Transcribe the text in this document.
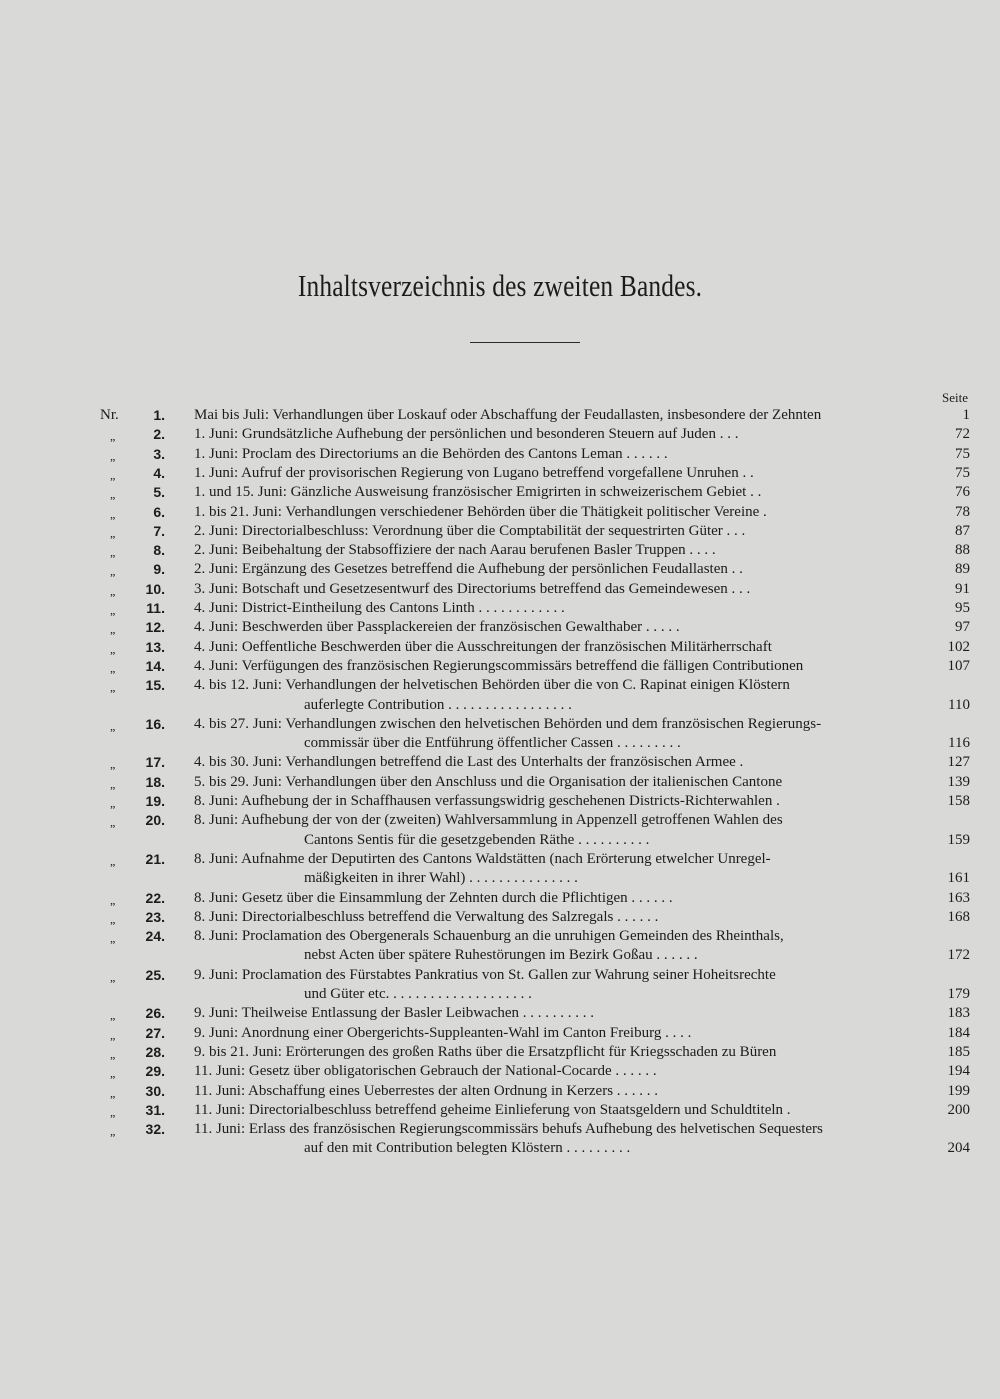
Inhaltsverzeichnis des zweiten Bandes.
Seite
Nr.	1. Mai bis Juli: Verhandlungen über Loskauf oder Abschaffung der Feudallasten, insbesondere der Zehnten	1
„	2. 1. Juni: Grundsätzliche Aufhebung der persönlichen und besonderen Steuern auf Juden . . .	72
„	3. 1. Juni: Proclam des Directoriums an die Behörden des Cantons Leman . . . . . .	75
„	4. 1. Juni: Aufruf der provisorischen Regierung von Lugano betreffend vorgefallene Unruhen . .	75
„	5. 1. und 15. Juni: Gänzliche Ausweisung französischer Emigrirten in schweizerischem Gebiet . .	76
„	6. 1. bis 21. Juni: Verhandlungen verschiedener Behörden über die Thätigkeit politischer Vereine .	78
„	7. 2. Juni: Directorialbeschluss: Verordnung über die Comptabilität der sequestrirten Güter . . .	87
„	8. 2. Juni: Beibehaltung der Stabsoffiziere der nach Aarau berufenen Basler Truppen . . . .	88
„	9. 2. Juni: Ergänzung des Gesetzes betreffend die Aufhebung der persönlichen Feudallasten . .	89
„	10. 3. Juni: Botschaft und Gesetzesentwurf des Directoriums betreffend das Gemeindewesen . . .	91
„	11. 4. Juni: District-Eintheilung des Cantons Linth . . . . . . . . . . . .	95
„	12. 4. Juni: Beschwerden über Passplackereien der französischen Gewalthaber . . . . .	97
„	13. 4. Juni: Oeffentliche Beschwerden über die Ausschreitungen der französischen Militärherrschaft	102
„	14. 4. Juni: Verfügungen des französischen Regierungscommissärs betreffend die fälligen Contributionen	107
„	15. 4. bis 12. Juni: Verhandlungen der helvetischen Behörden über die von C. Rapinat einigen Klöstern
auferlegte Contribution . . . . . . . . . . . . . . . . .	110
„	16. 4. bis 27. Juni: Verhandlungen zwischen den helvetischen Behörden und dem französischen Regierungs-
commissär über die Entführung öffentlicher Cassen . . . . . . . . .	116
„	17. 4. bis 30. Juni: Verhandlungen betreffend die Last des Unterhalts der französischen Armee .	127
„	18. 5. bis 29. Juni: Verhandlungen über den Anschluss und die Organisation der italienischen Cantone	139
„	19. 8. Juni: Aufhebung der in Schaffhausen verfassungswidrig geschehenen Districts-Richterwahlen .	158
„	20. 8. Juni: Aufhebung der von der (zweiten) Wahlversammlung in Appenzell getroffenen Wahlen des
Cantons Sentis für die gesetzgebenden Räthe . . . . . . . . . .	159
„	21. 8. Juni: Aufnahme der Deputirten des Cantons Waldstätten (nach Erörterung etwelcher Unregel-
mäßigkeiten in ihrer Wahl) . . . . . . . . . . . . . . .	161
„	22. 8. Juni: Gesetz über die Einsammlung der Zehnten durch die Pflichtigen . . . . . .	163
„	23. 8. Juni: Directorialbeschluss betreffend die Verwaltung des Salzregals . . . . . .	168
„	24. 8. Juni: Proclamation des Obergenerals Schauenburg an die unruhigen Gemeinden des Rheinthals,
nebst Acten über spätere Ruhestörungen im Bezirk Goßau . . . . . .	172
„	25. 9. Juni: Proclamation des Fürstabtes Pankratius von St. Gallen zur Wahrung seiner Hoheitsrechte
und Güter etc. . . . . . . . . . . . . . . . . . . .	179
„	26. 9. Juni: Theilweise Entlassung der Basler Leibwachen . . . . . . . . . .	183
„	27. 9. Juni: Anordnung einer Obergerichts-Suppleanten-Wahl im Canton Freiburg . . . .	184
„	28. 9. bis 21. Juni: Erörterungen des großen Raths über die Ersatzpflicht für Kriegsschaden zu Büren	185
„	29. 11. Juni: Gesetz über obligatorischen Gebrauch der National-Cocarde . . . . . .	194
„	30. 11. Juni: Abschaffung eines Ueberrestes der alten Ordnung in Kerzers . . . . . .	199
„	31. 11. Juni: Directorialbeschluss betreffend geheime Einlieferung von Staatsgeldern und Schuldtiteln .	200
„	32. 11. Juni: Erlass des französischen Regierungscommissärs behufs Aufhebung des helvetischen Sequesters
auf den mit Contribution belegten Klöstern . . . . . . . . .	204
